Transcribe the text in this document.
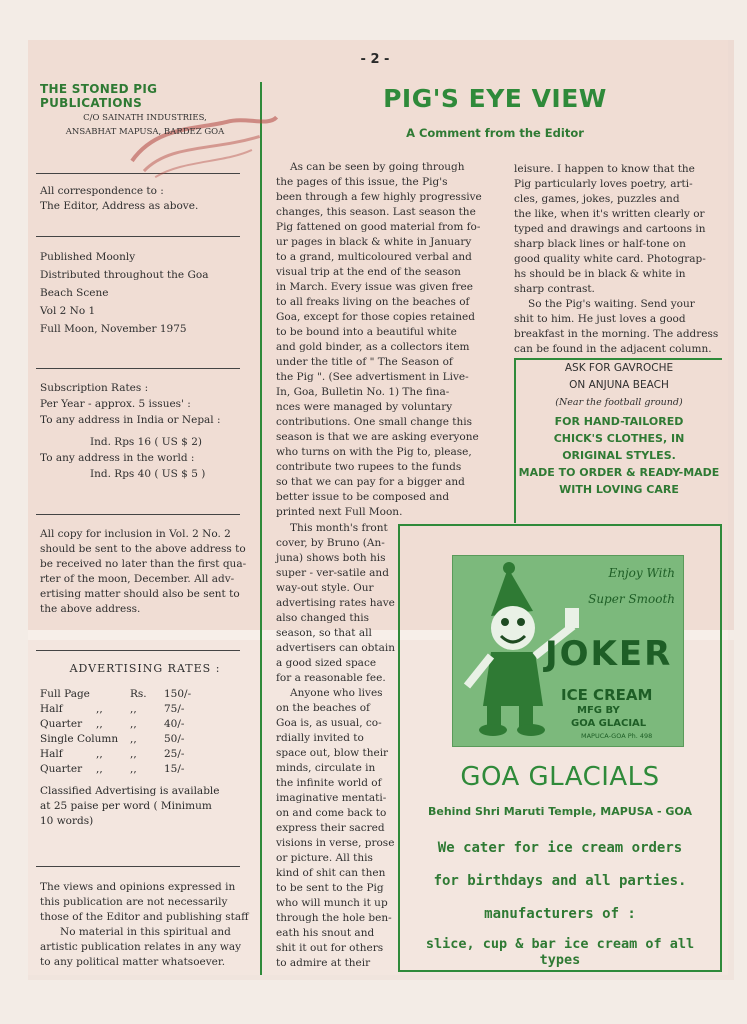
- 2 -
THE STONED PIG PUBLICATIONS
C/O SAINATH INDUSTRIES,
ANSABHAT MAPUSA, BARDEZ GOA

All correspondence to :

The Editor, Address as above.

Published Moonly

Distributed throughout the Goa

Beach Scene

Vol 2 No 1

Full Moon, November 1975

Subscription Rates :

Per Year - approx. 5 issues' :

To any address in India or Nepal :

Ind. Rps 16 ( US $ 2)

To any address in the world :

Ind. Rps 40 ( US $ 5 )

All copy for inclusion in Vol. 2 No. 2

should be sent to the above address to

be received no later than the first qua-

rter of the moon, December. All adv-

ertising matter should also be sent to

the above address.

ADVERTISING RATES :
Full Page	Rs.	150/-
Half	,,	,,	75/-
Quarter	,,	,,	40/-
Single Column	,,	50/-
Half	,,	,,	25/-
Quarter	,,	,,	15/-
Classified Advertising is available
at 25 paise per word ( Minimum
10 words)

The views and opinions expressed in

this publication are not necessarily

those of the Editor and publishing staff

No material in this spiritual and

artistic publication relates in any way

to any political matter whatsoever.

PIG'S EYE VIEW
A Comment from the Editor
As can be seen by going through
the pages of this issue, the Pig's
been through a few highly progressive
changes, this season. Last season the
Pig fattened on good material from fo-
ur pages in black & white in January
to a grand, multicoloured verbal and
visual trip at the end of the season
in March. Every issue was given free
to all freaks living on the beaches of
Goa, except for those copies retained
to be bound into a beautiful white
and gold binder, as a collectors item
under the title of " The Season of
the Pig ". (See advertisment in Live-
In, Goa, Bulletin No. 1) The fina-
nces were managed by voluntary
contributions. One small change this
season is that we are asking everyone
who turns on with the Pig to, please,
contribute two rupees to the funds
so that we can pay for a bigger and
better issue to be composed and
printed next Full Moon.
This month's front
cover, by Bruno (An-
juna) shows both his
super - ver-satile and
way-out style. Our
advertising rates have
also changed this
season, so that all
advertisers can obtain
a good sized space
for a reasonable fee.
Anyone who lives
on the beaches of
Goa is, as usual, co-
rdially invited to
space out, blow their
minds, circulate in
the infinite world of
imaginative mentati-
on and come back to
express their sacred
visions in verse, prose
or picture. All this
kind of shit can then
to be sent to the Pig
who will munch it up
through the hole ben-
eath his snout and
shit it out for others
to admire at their
leisure. I happen to know that the
Pig particularly loves poetry, arti-
cles, games, jokes, puzzles and
the like, when it's written clearly or
typed and drawings and cartoons in
sharp black lines or half-tone on
good quality white card. Photograp-
hs should be in black & white in
sharp contrast.
So the Pig's waiting. Send your
shit to him. He just loves a good
breakfast in the morning. The address
can be found in the adjacent column.
ASK FOR GAVROCHE
ON ANJUNA BEACH
(Near the football ground)
FOR HAND-TAILORED
CHICK'S CLOTHES, IN
ORIGINAL STYLES.
MADE TO ORDER & READY-MADE
WITH LOVING CARE
Enjoy With
Super Smooth
JOKER
ICE CREAM
MFG BY
GOA GLACIAL
MAPUCA-GOA Ph. 498
GOA GLACIALS
Behind Shri Maruti Temple, MAPUSA - GOA
We cater for ice cream orders
for birthdays and all parties.
manufacturers of :
slice, cup & bar ice cream of all types
